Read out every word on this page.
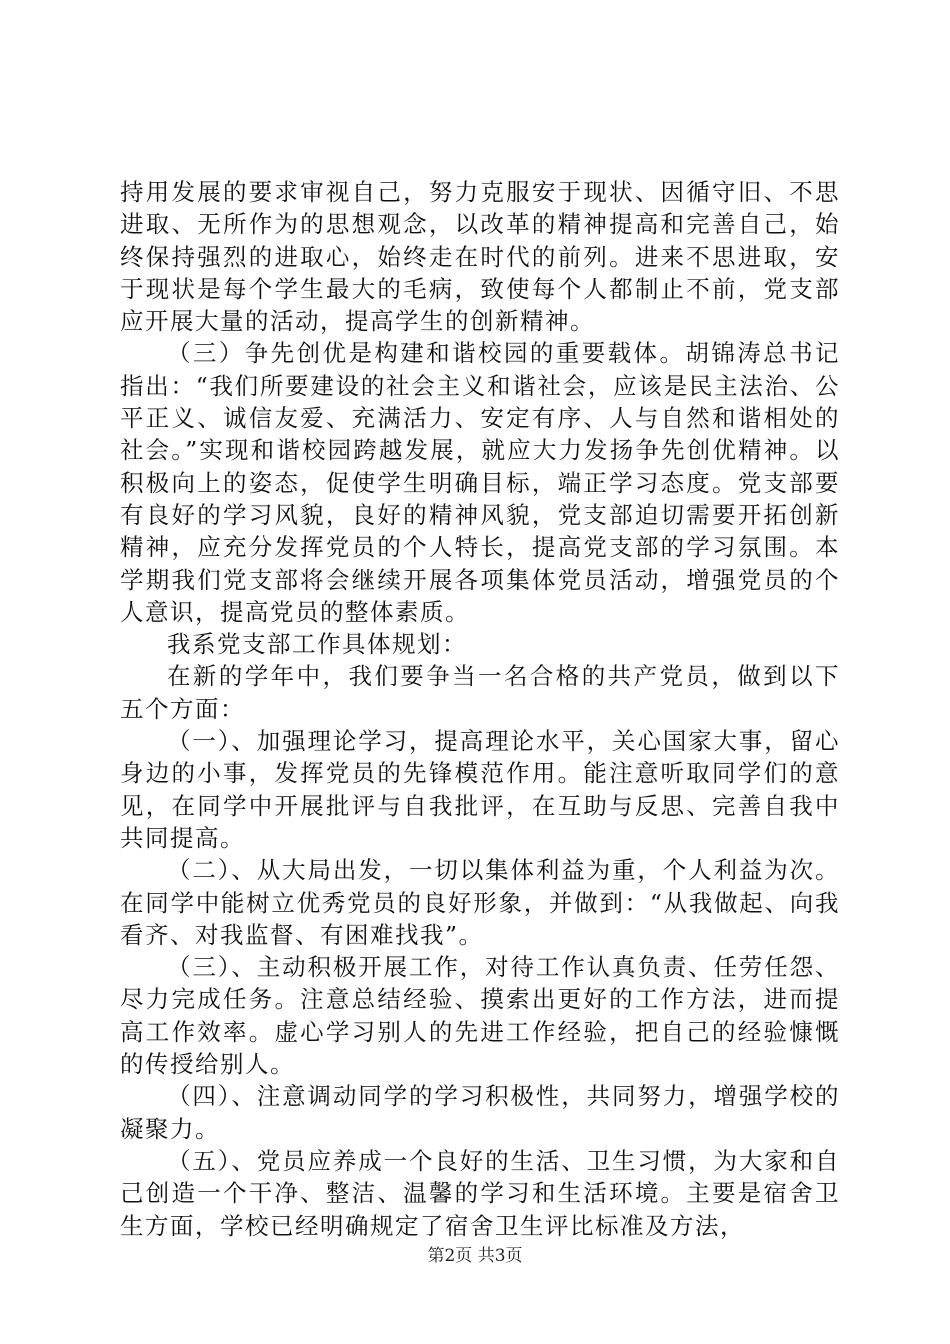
持用发展的要求审视自己，努力克服安于现状、因循守旧、不思进取、无所作为的思想观念，以改革的精神提高和完善自己，始终保持强烈的进取心，始终走在时代的前列。进来不思进取，安于现状是每个学生最大的毛病，致使每个人都制止不前，党支部应开展大量的活动，提高学生的创新精神。

（三）争先创优是构建和谐校园的重要载体。胡锦涛总书记指出：“我们所要建设的社会主义和谐社会，应该是民主法治、公平正义、诚信友爱、充满活力、安定有序、人与自然和谐相处的社会。”实现和谐校园跨越发展，就应大力发扬争先创优精神。以积极向上的姿态，促使学生明确目标，端正学习态度。党支部要有良好的学习风貌，良好的精神风貌，党支部迫切需要开拓创新精神，应充分发挥党员的个人特长，提高党支部的学习氛围。本学期我们党支部将会继续开展各项集体党员活动，增强党员的个人意识，提高党员的整体素质。

我系党支部工作具体规划：

在新的学年中，我们要争当一名合格的共产党员，做到以下五个方面：

（一）、加强理论学习，提高理论水平，关心国家大事，留心身边的小事，发挥党员的先锋模范作用。能注意听取同学们的意见，在同学中开展批评与自我批评，在互助与反思、完善自我中共同提高。

（二）、从大局出发，一切以集体利益为重，个人利益为次。在同学中能树立优秀党员的良好形象，并做到：“从我做起、向我看齐、对我监督、有困难找我”。

（三）、主动积极开展工作，对待工作认真负责、任劳任怨、尽力完成任务。注意总结经验、摸索出更好的工作方法，进而提高工作效率。虚心学习别人的先进工作经验，把自己的经验慷慨的传授给别人。

（四）、注意调动同学的学习积极性，共同努力，增强学校的凝聚力。

（五）、党员应养成一个良好的生活、卫生习惯，为大家和自己创造一个干净、整洁、温馨的学习和生活环境。主要是宿舍卫生方面，学校已经明确规定了宿舍卫生评比标准及方法，

第2页 共3页
